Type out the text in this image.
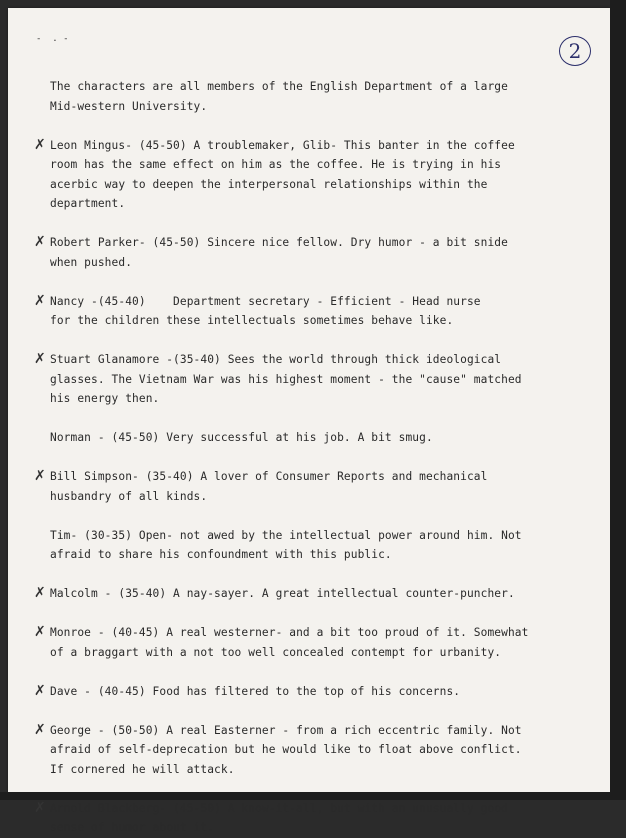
-  . -	2

The characters are all members of the English Department of a large
Mid-western University.

✗ Leon Mingus- (45-50) A troublemaker, Glib- This banter in the coffee
room has the same effect on him as the coffee. He is trying in his
acerbic way to deepen the interpersonal relationships within the
department.

✗ Robert Parker- (45-50) Sincere nice fellow. Dry humor - a bit snide
when pushed.

✗ Nancy -(45-40)    Department secretary - Efficient - Head nurse
for the children these intellectuals sometimes behave like.

✗ Stuart Glanamore -(35-40) Sees the world through thick ideological
glasses. The Vietnam War was his highest moment - the "cause" matched
his energy then.

Norman - (45-50) Very successful at his job. A bit smug.

✗ Bill Simpson- (35-40) A lover of Consumer Reports and mechanical
husbandry of all kinds.

Tim- (30-35) Open- not awed by the intellectual power around him. Not
afraid to share his confoundment with this public.

✗ Malcolm - (35-40) A nay-sayer. A great intellectual counter-puncher.

✗ Monroe - (40-45) A real westerner- and a bit too proud of it. Somewhat
of a braggart with a not too well concealed contempt for urbanity.

✗ Dave - (40-45) Food has filtered to the top of his concerns.

✗ George - (50-50) A real Easterner - from a rich eccentric family. Not
afraid of self-deprecation but he would like to float above conflict.
If cornered he will attack.

✗ Arnold Blackberg- (45-50) A know-it-all, but with an unusually good
sense of humor about it.
